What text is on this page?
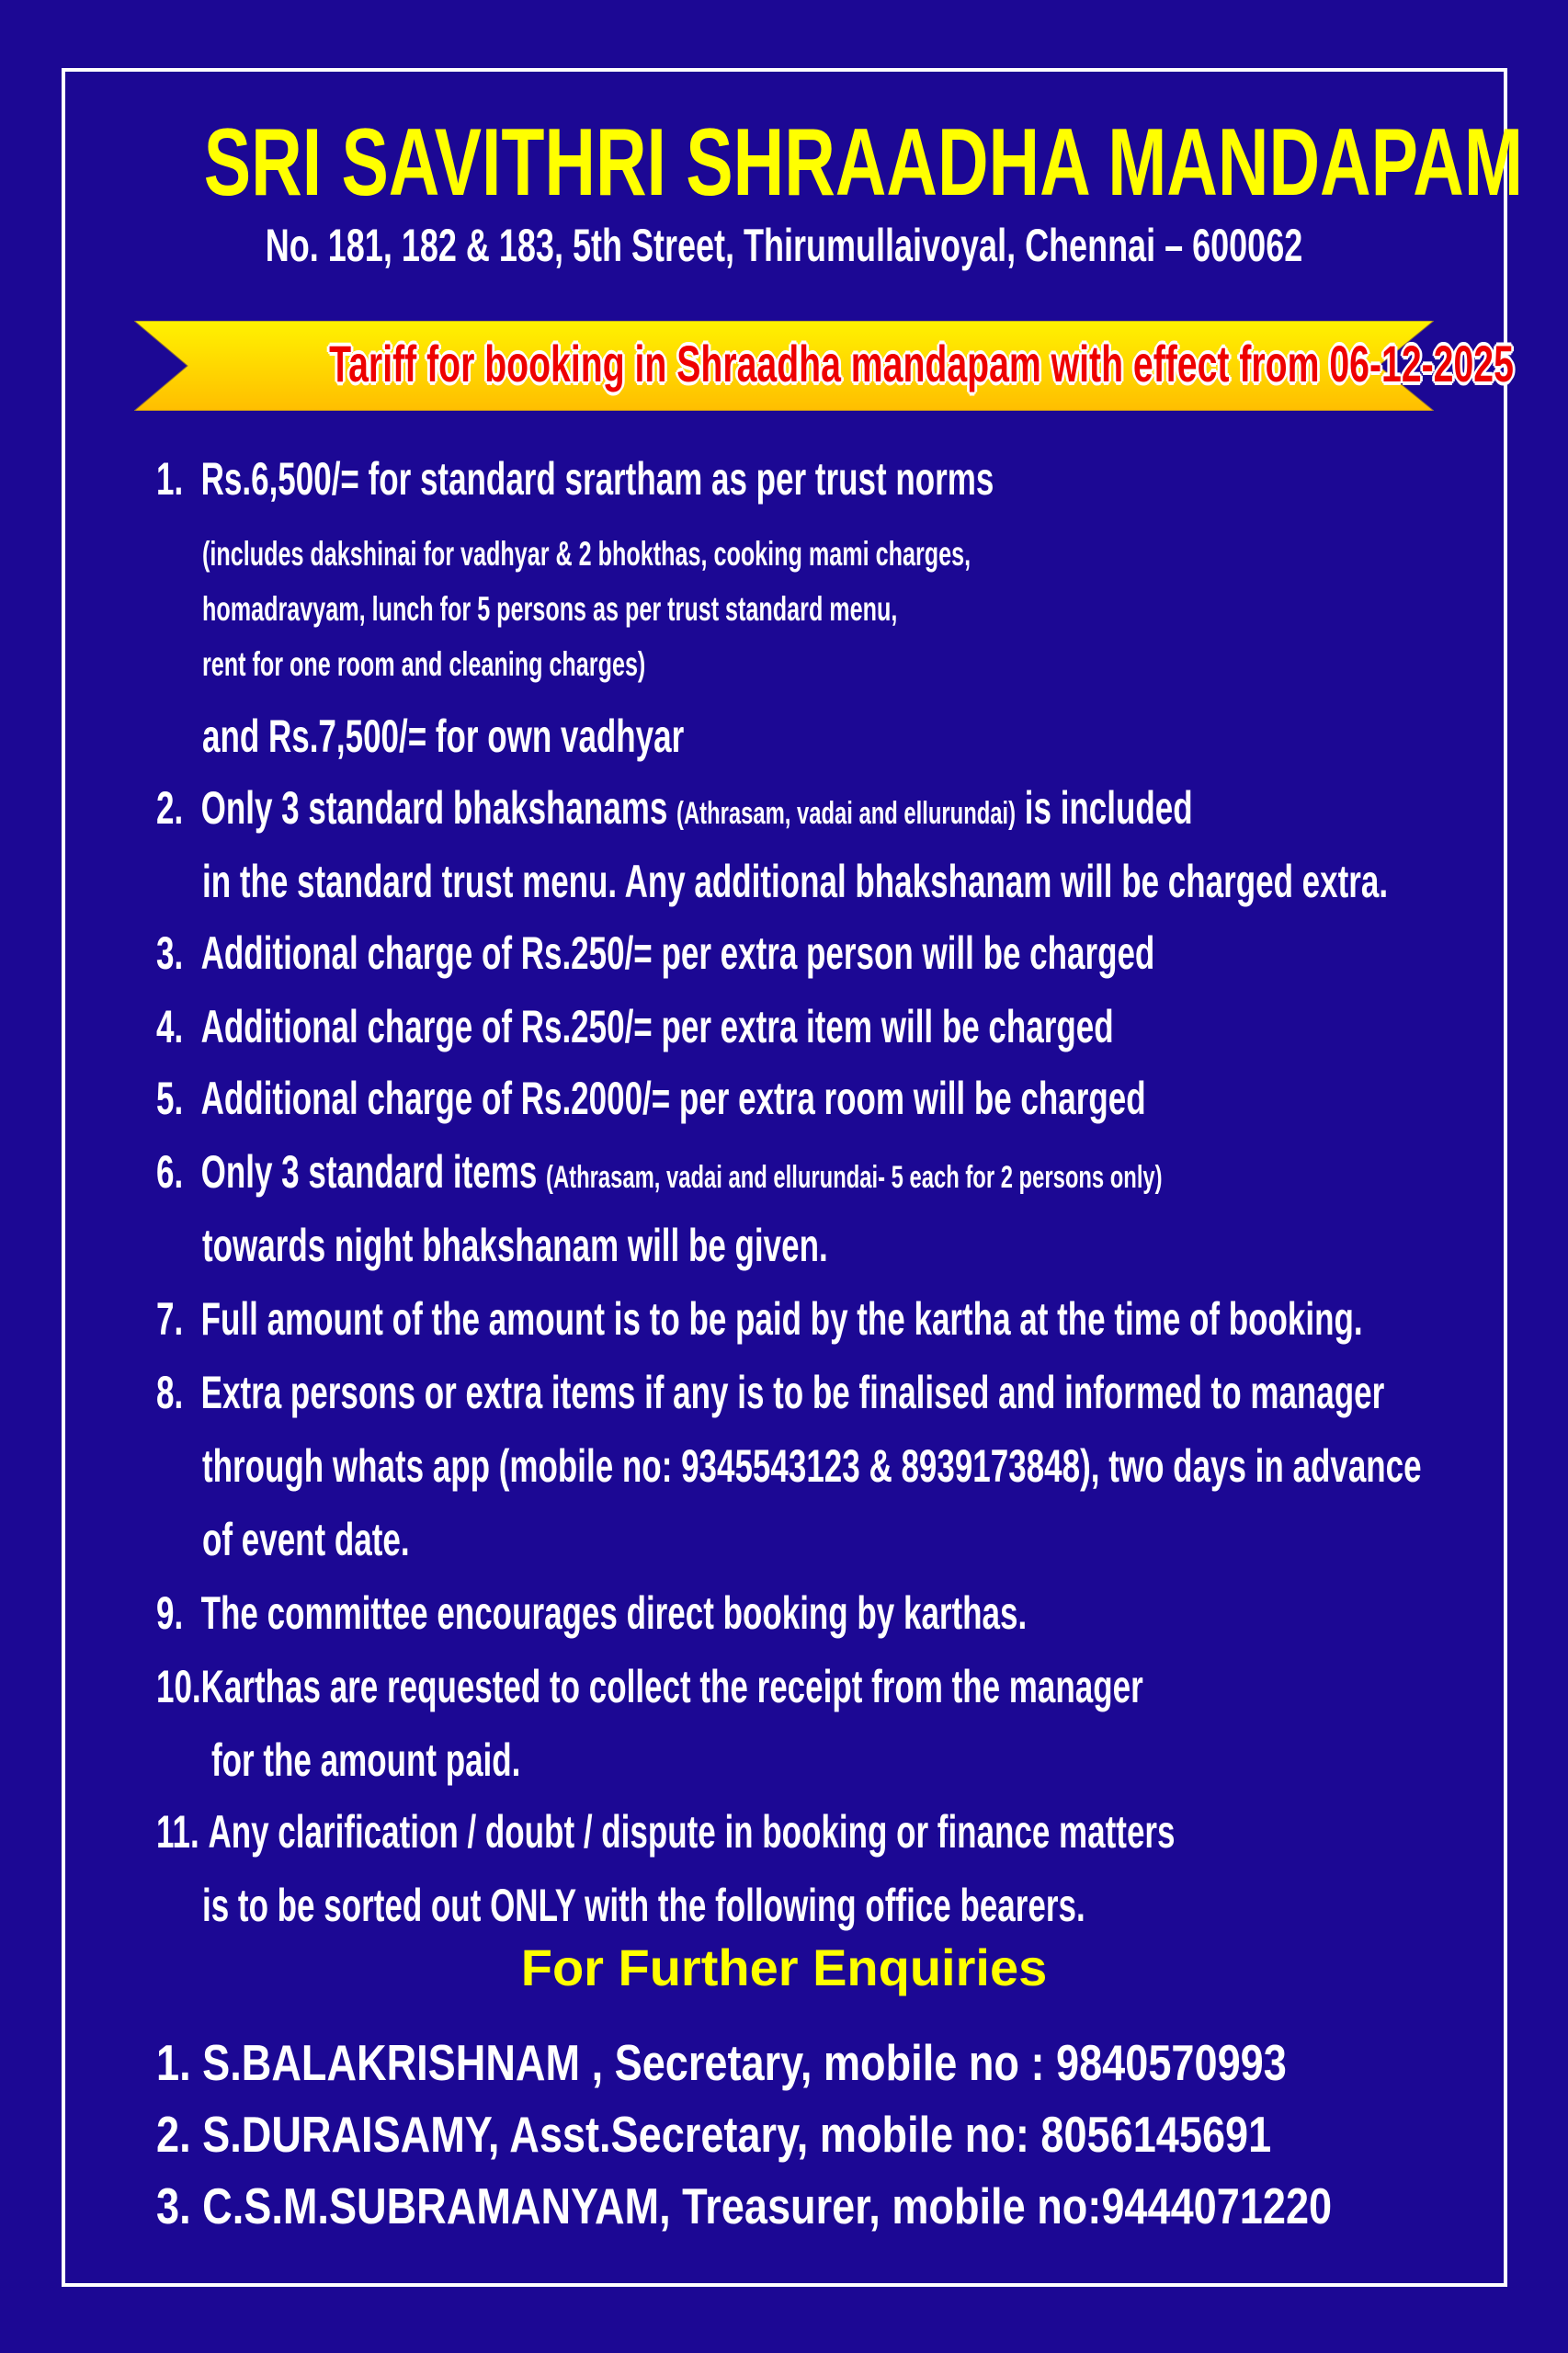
SRI SAVITHRI SHRAADHA MANDAPAM
No. 181, 182 & 183, 5th Street, Thirumullaivoyal, Chennai – 600062
Tariff for booking in Shraadha mandapam with effect from 06-12-2025
1. Rs.6,500/= for standard srartham as per trust norms
(includes dakshinai for vadhyar & 2 bhokthas, cooking mami charges,
homadravyam, lunch for 5 persons as per trust standard menu,
rent for one room and cleaning charges)
and Rs.7,500/= for own vadhyar
2. Only 3 standard bhakshanams (Athrasam, vadai and ellurundai) is included
in the standard trust menu. Any additional bhakshanam will be charged extra.
3. Additional charge of Rs.250/= per extra person will be charged
4. Additional charge of Rs.250/= per extra item will be charged
5. Additional charge of Rs.2000/= per extra room will be charged
6. Only 3 standard items (Athrasam, vadai and ellurundai- 5 each for 2 persons only)
towards night bhakshanam will be given.
7. Full amount of the amount is to be paid by the kartha at the time of booking.
8. Extra persons or extra items if any is to be finalised and informed to manager
through whats app (mobile no: 9345543123 & 8939173848), two days in advance
of event date.
9. The committee encourages direct booking by karthas.
10.Karthas are requested to collect the receipt from the manager
for the amount paid.
11. Any clarification / doubt / dispute in booking or finance matters
is to be sorted out ONLY with the following office bearers.
For Further Enquiries
1. S.BALAKRISHNAM , Secretary, mobile no : 9840570993
2. S.DURAISAMY, Asst.Secretary, mobile no: 8056145691
3. C.S.M.SUBRAMANYAM, Treasurer, mobile no:9444071220
